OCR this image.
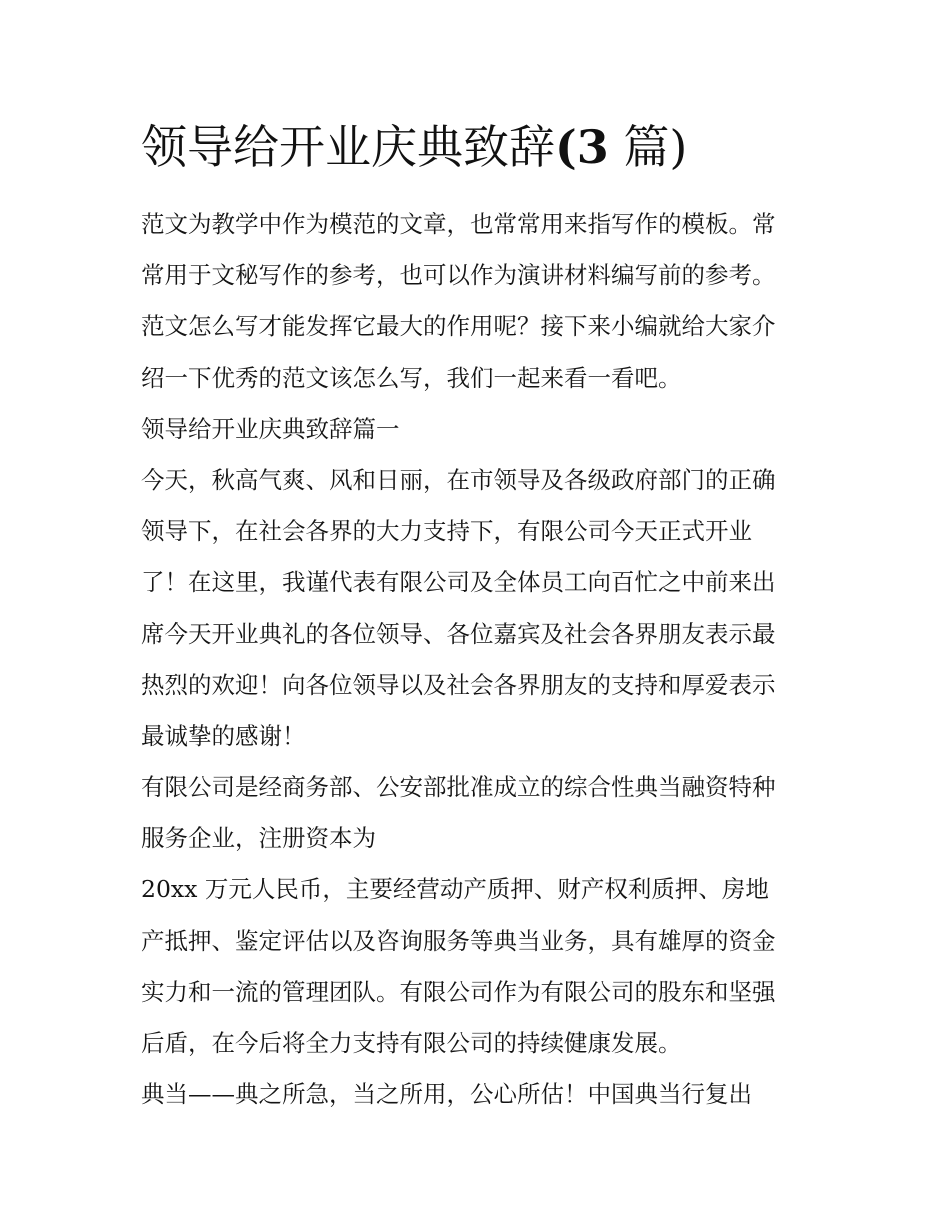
领导给开业庆典致辞(3 篇)
范文为教学中作为模范的文章，也常常用来指写作的模板。常
常用于文秘写作的参考，也可以作为演讲材料编写前的参考。
范文怎么写才能发挥它最大的作用呢？接下来小编就给大家介
绍一下优秀的范文该怎么写，我们一起来看一看吧。
领导给开业庆典致辞篇一
今天，秋高气爽、风和日丽，在市领导及各级政府部门的正确
领导下，在社会各界的大力支持下，有限公司今天正式开业
了！在这里，我谨代表有限公司及全体员工向百忙之中前来出
席今天开业典礼的各位领导、各位嘉宾及社会各界朋友表示最
热烈的欢迎！向各位领导以及社会各界朋友的支持和厚爱表示
最诚挚的感谢！
有限公司是经商务部、公安部批准成立的综合性典当融资特种
服务企业，注册资本为
20xx 万元人民币，主要经营动产质押、财产权利质押、房地
产抵押、鉴定评估以及咨询服务等典当业务，具有雄厚的资金
实力和一流的管理团队。有限公司作为有限公司的股东和坚强
后盾，在今后将全力支持有限公司的持续健康发展。
典当——典之所急，当之所用，公心所估！中国典当行复出
